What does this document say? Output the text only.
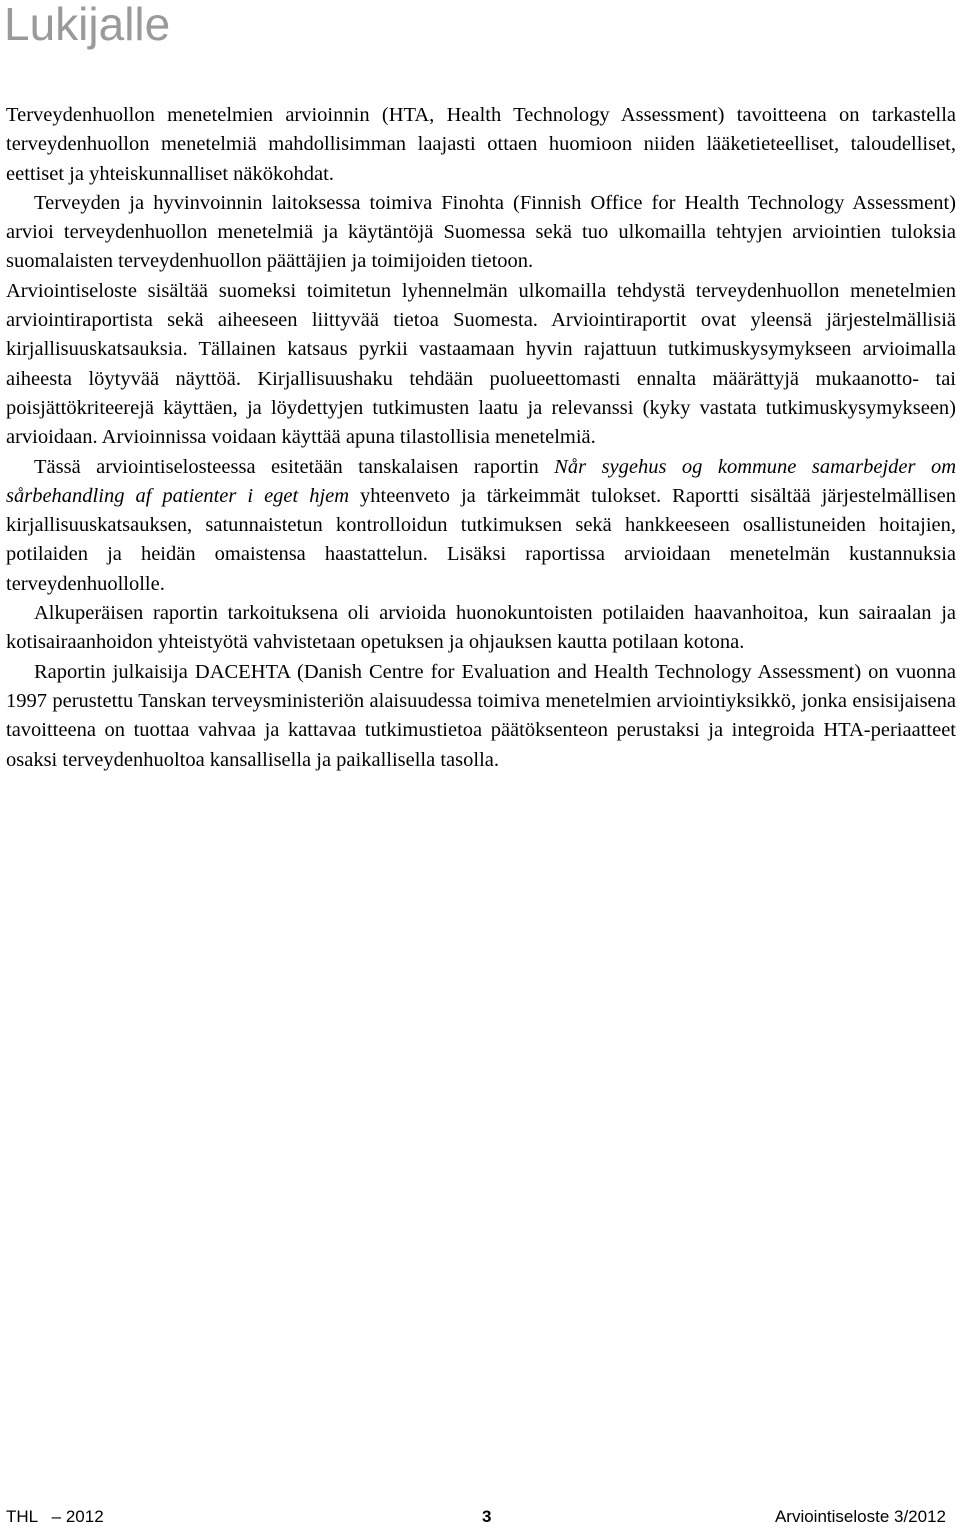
Lukijalle

Terveydenhuollon menetelmien arvioinnin (HTA, Health Technology Assessment) tavoitteena on tarkastella terveydenhuollon menetelmiä mahdollisimman laajasti ottaen huomioon niiden lääketieteelliset, taloudelliset, eettiset ja yhteiskunnalliset näkökohdat.

Terveyden ja hyvinvoinnin laitoksessa toimiva Finohta (Finnish Office for Health Technology Assessment) arvioi terveydenhuollon menetelmiä ja käytäntöjä Suomessa sekä tuo ulkomailla tehtyjen arviointien tuloksia suomalaisten terveydenhuollon päättäjien ja toimijoiden tietoon.

Arviointiseloste sisältää suomeksi toimitetun lyhennelmän ulkomailla tehdystä terveydenhuollon menetelmien arviointiraportista sekä aiheeseen liittyvää tietoa Suomesta. Arviointiraportit ovat yleensä järjestelmällisiä kirjallisuuskatsauksia. Tällainen katsaus pyrkii vastaamaan hyvin rajattuun tutkimuskysymykseen arvioimalla aiheesta löytyvää näyttöä. Kirjallisuushaku tehdään puolueettomasti ennalta määrättyjä mukaanotto- tai poisjättökriteerejä käyttäen, ja löydettyjen tutkimusten laatu ja relevanssi (kyky vastata tutkimuskysymykseen) arvioidaan. Arvioinnissa voidaan käyttää apuna tilastollisia menetelmiä.

Tässä arviointiselosteessa esitetään tanskalaisen raportin Når sygehus og kommune samarbejder om sårbehandling af patienter i eget hjem yhteenveto ja tärkeimmät tulokset. Raportti sisältää järjestelmällisen kirjallisuuskatsauksen, satunnaistetun kontrolloidun tutkimuksen sekä hankkeeseen osallistuneiden hoitajien, potilaiden ja heidän omaistensa haastattelun. Lisäksi raportissa arvioidaan menetelmän kustannuksia terveydenhuollolle.

Alkuperäisen raportin tarkoituksena oli arvioida huonokuntoisten potilaiden haavanhoitoa, kun sairaalan ja kotisairaanhoidon yhteistyötä vahvistetaan opetuksen ja ohjauksen kautta potilaan kotona.

Raportin julkaisija DACEHTA (Danish Centre for Evaluation and Health Technology Assessment) on vuonna 1997 perustettu Tanskan terveysministeriön alaisuudessa toimiva menetelmien arviointiyksikkö, jonka ensisijaisena tavoitteena on tuottaa vahvaa ja kattavaa tutkimustietoa päätöksenteon perustaksi ja integroida HTA-periaatteet osaksi terveydenhuoltoa kansallisella ja paikallisella tasolla.

THL   – 2012	3	Arviointiseloste 3/2012
